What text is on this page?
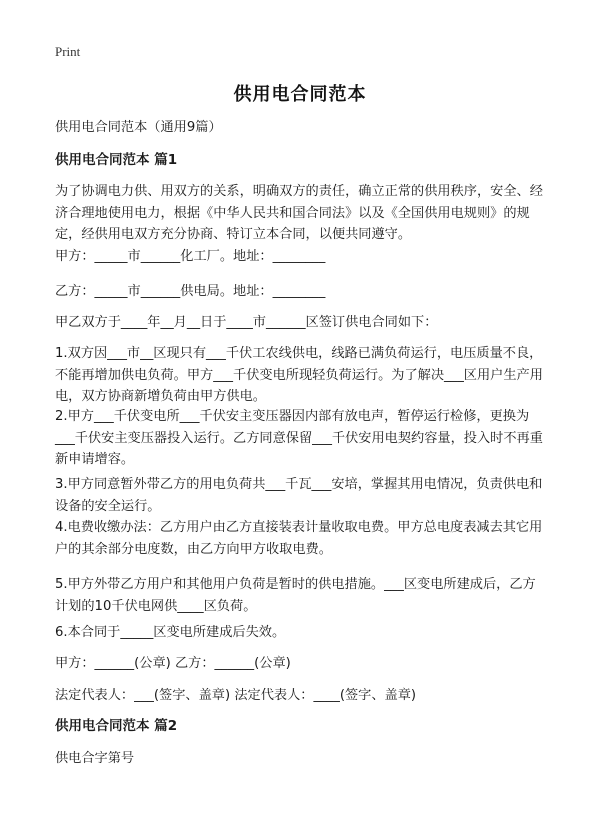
Print
供用电合同范本

供用电合同范本（通用9篇）

供用电合同范本 篇1

为了协调电力供、用双方的关系，明确双方的责任，确立正常的供用秩序，安全、经济合理地使用电力，根据《中华人民共和国合同法》以及《全国供用电规则》的规定，经供用电双方充分协商、特订立本合同，以便共同遵守。

甲方：_____市______化工厂。地址：________

乙方：_____市______供电局。地址：________

甲乙双方于____年__月__日于____市______区签订供电合同如下：

1.双方因___市__区现只有___千伏工农线供电，线路已满负荷运行，电压质量不良，不能再增加供电负荷。甲方___千伏变电所现轻负荷运行。为了解决___区用户生产用电，双方协商新增负荷由甲方供电。

2.甲方___千伏变电所___千伏安主变压器因内部有放电声，暂停运行检修，更换为___千伏安主变压器投入运行。乙方同意保留___千伏安用电契约容量，投入时不再重新申请增容。

3.甲方同意暂外带乙方的用电负荷共___千瓦___安培，掌握其用电情况，负责供电和设备的安全运行。

4.电费收缴办法：乙方用户由乙方直接装表计量收取电费。甲方总电度表减去其它用户的其余部分电度数，由乙方向甲方收取电费。

5.甲方外带乙方用户和其他用户负荷是暂时的供电措施。___区变电所建成后，乙方计划的10千伏电网供____区负荷。

6.本合同于_____区变电所建成后失效。

甲方：______(公章) 乙方：______(公章)

法定代表人：___(签字、盖章) 法定代表人：____(签字、盖章)

供用电合同范本 篇2

供电合字第号
